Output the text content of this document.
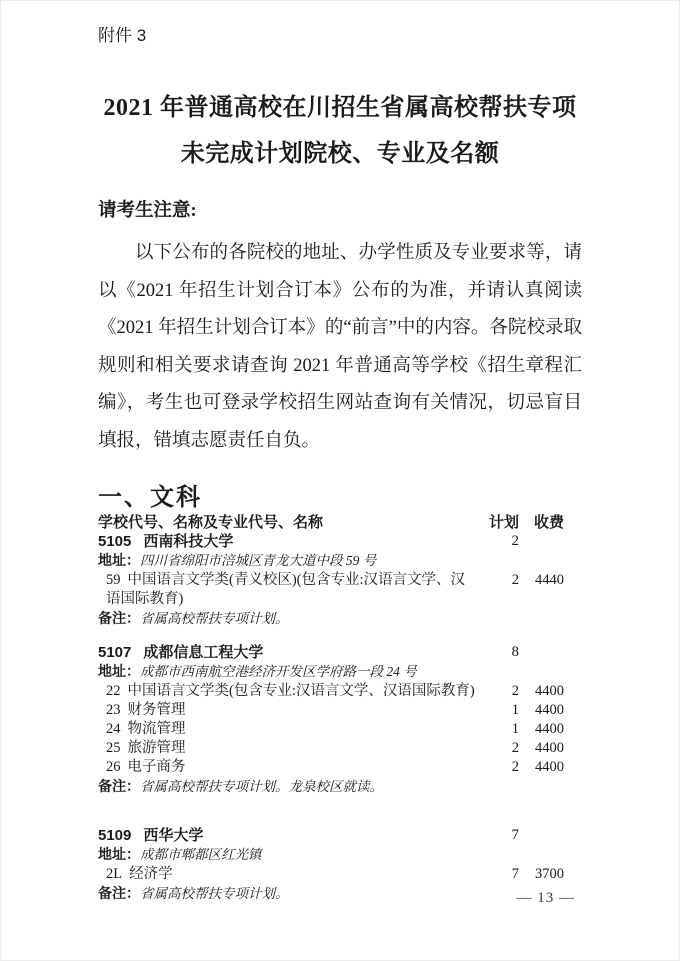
附件 3
2021 年普通高校在川招生省属高校帮扶专项
未完成计划院校、专业及名额
请考生注意:

以下公布的各院校的地址、办学性质及专业要求等，请以《2021 年招生计划合订本》公布的为准，并请认真阅读《2021 年招生计划合订本》的“前言”中的内容。各院校录取规则和相关要求请查询 2021 年普通高等学校《招生章程汇编》，考生也可登录学校招生网站查询有关情况，切忌盲目填报，错填志愿责任自负。

一、文科
学校代号、名称及专业代号、名称	计划 收费
5105 西南科技大学	2
地址：四川省绵阳市涪城区青龙大道中段 59 号
59 中国语言文学类(青义校区)(包含专业:汉语言文学、汉语国际教育)
2	4440
备注：省属高校帮扶专项计划。
5107 成都信息工程大学	8
地址：成都市西南航空港经济开发区学府路一段 24 号
22 中国语言文学类(包含专业:汉语言文学、汉语国际教育)	2	4400
23 财务管理	1	4400
24 物流管理	1	4400
25 旅游管理	2	4400
26 电子商务	2	4400
备注：省属高校帮扶专项计划。龙泉校区就读。
5109 西华大学	7
地址：成都市郫都区红光镇
2L 经济学	7	3700
备注：省属高校帮扶专项计划。	— 13 —
